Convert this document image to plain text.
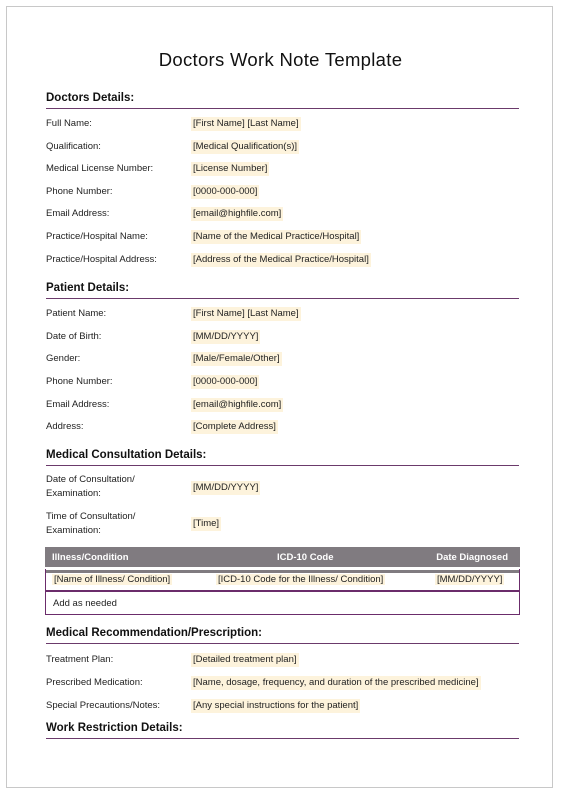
Doctors Work Note Template
Doctors Details:
Full Name:	[First Name] [Last Name]
Qualification:	[Medical Qualification(s)]
Medical License Number:	[License Number]
Phone Number:	[0000-000-000]
Email Address:	[email@highfile.com]
Practice/Hospital Name:	[Name of the Medical Practice/Hospital]
Practice/Hospital Address:	[Address of the Medical Practice/Hospital]
Patient Details:
Patient Name:	[First Name] [Last Name]
Date of Birth:	[MM/DD/YYYY]
Gender:	[Male/Female/Other]
Phone Number:	[0000-000-000]
Email Address:	[email@highfile.com]
Address:	[Complete Address]
Medical Consultation Details:
Date of Consultation/
Examination:
[MM/DD/YYYY]
Time of Consultation/
Examination:
[Time]
Illness/Condition	ICD-10 Code	Date Diagnosed
[Name of Illness/ Condition]	[ICD-10 Code for the Illness/ Condition]	[MM/DD/YYYY]
Add as needed
Medical Recommendation/Prescription:
Treatment Plan:	[Detailed treatment plan]
Prescribed Medication:	[Name, dosage, frequency, and duration of the prescribed medicine]
Special Precautions/Notes:	[Any special instructions for the patient]
Work Restriction Details:
